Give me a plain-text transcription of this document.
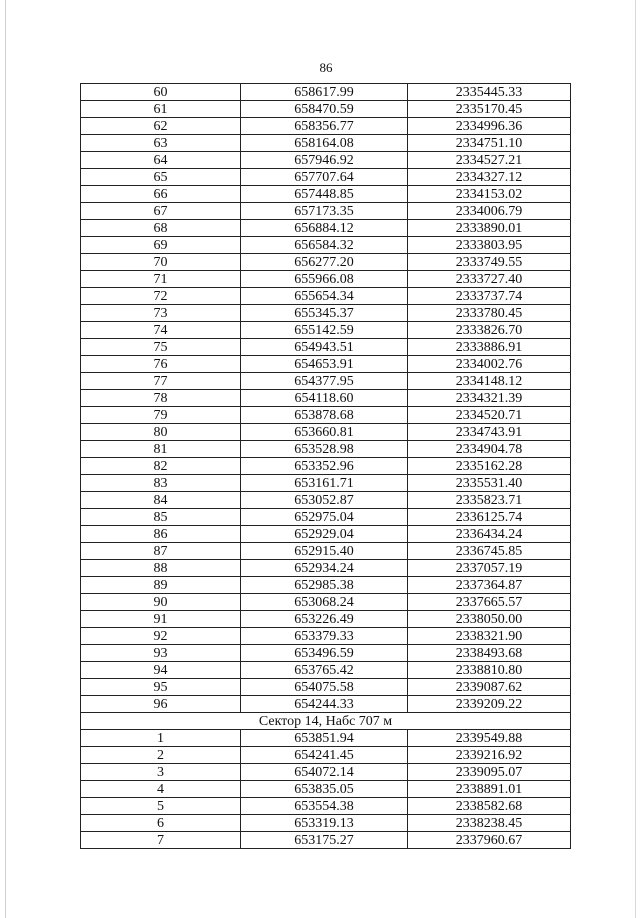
86
60	658617.99	2335445.33
61	658470.59	2335170.45
62	658356.77	2334996.36
63	658164.08	2334751.10
64	657946.92	2334527.21
65	657707.64	2334327.12
66	657448.85	2334153.02
67	657173.35	2334006.79
68	656884.12	2333890.01
69	656584.32	2333803.95
70	656277.20	2333749.55
71	655966.08	2333727.40
72	655654.34	2333737.74
73	655345.37	2333780.45
74	655142.59	2333826.70
75	654943.51	2333886.91
76	654653.91	2334002.76
77	654377.95	2334148.12
78	654118.60	2334321.39
79	653878.68	2334520.71
80	653660.81	2334743.91
81	653528.98	2334904.78
82	653352.96	2335162.28
83	653161.71	2335531.40
84	653052.87	2335823.71
85	652975.04	2336125.74
86	652929.04	2336434.24
87	652915.40	2336745.85
88	652934.24	2337057.19
89	652985.38	2337364.87
90	653068.24	2337665.57
91	653226.49	2338050.00
92	653379.33	2338321.90
93	653496.59	2338493.68
94	653765.42	2338810.80
95	654075.58	2339087.62
96	654244.33	2339209.22
Сектор 14, Набс 707 м		
1	653851.94	2339549.88
2	654241.45	2339216.92
3	654072.14	2339095.07
4	653835.05	2338891.01
5	653554.38	2338582.68
6	653319.13	2338238.45
7	653175.27	2337960.67
